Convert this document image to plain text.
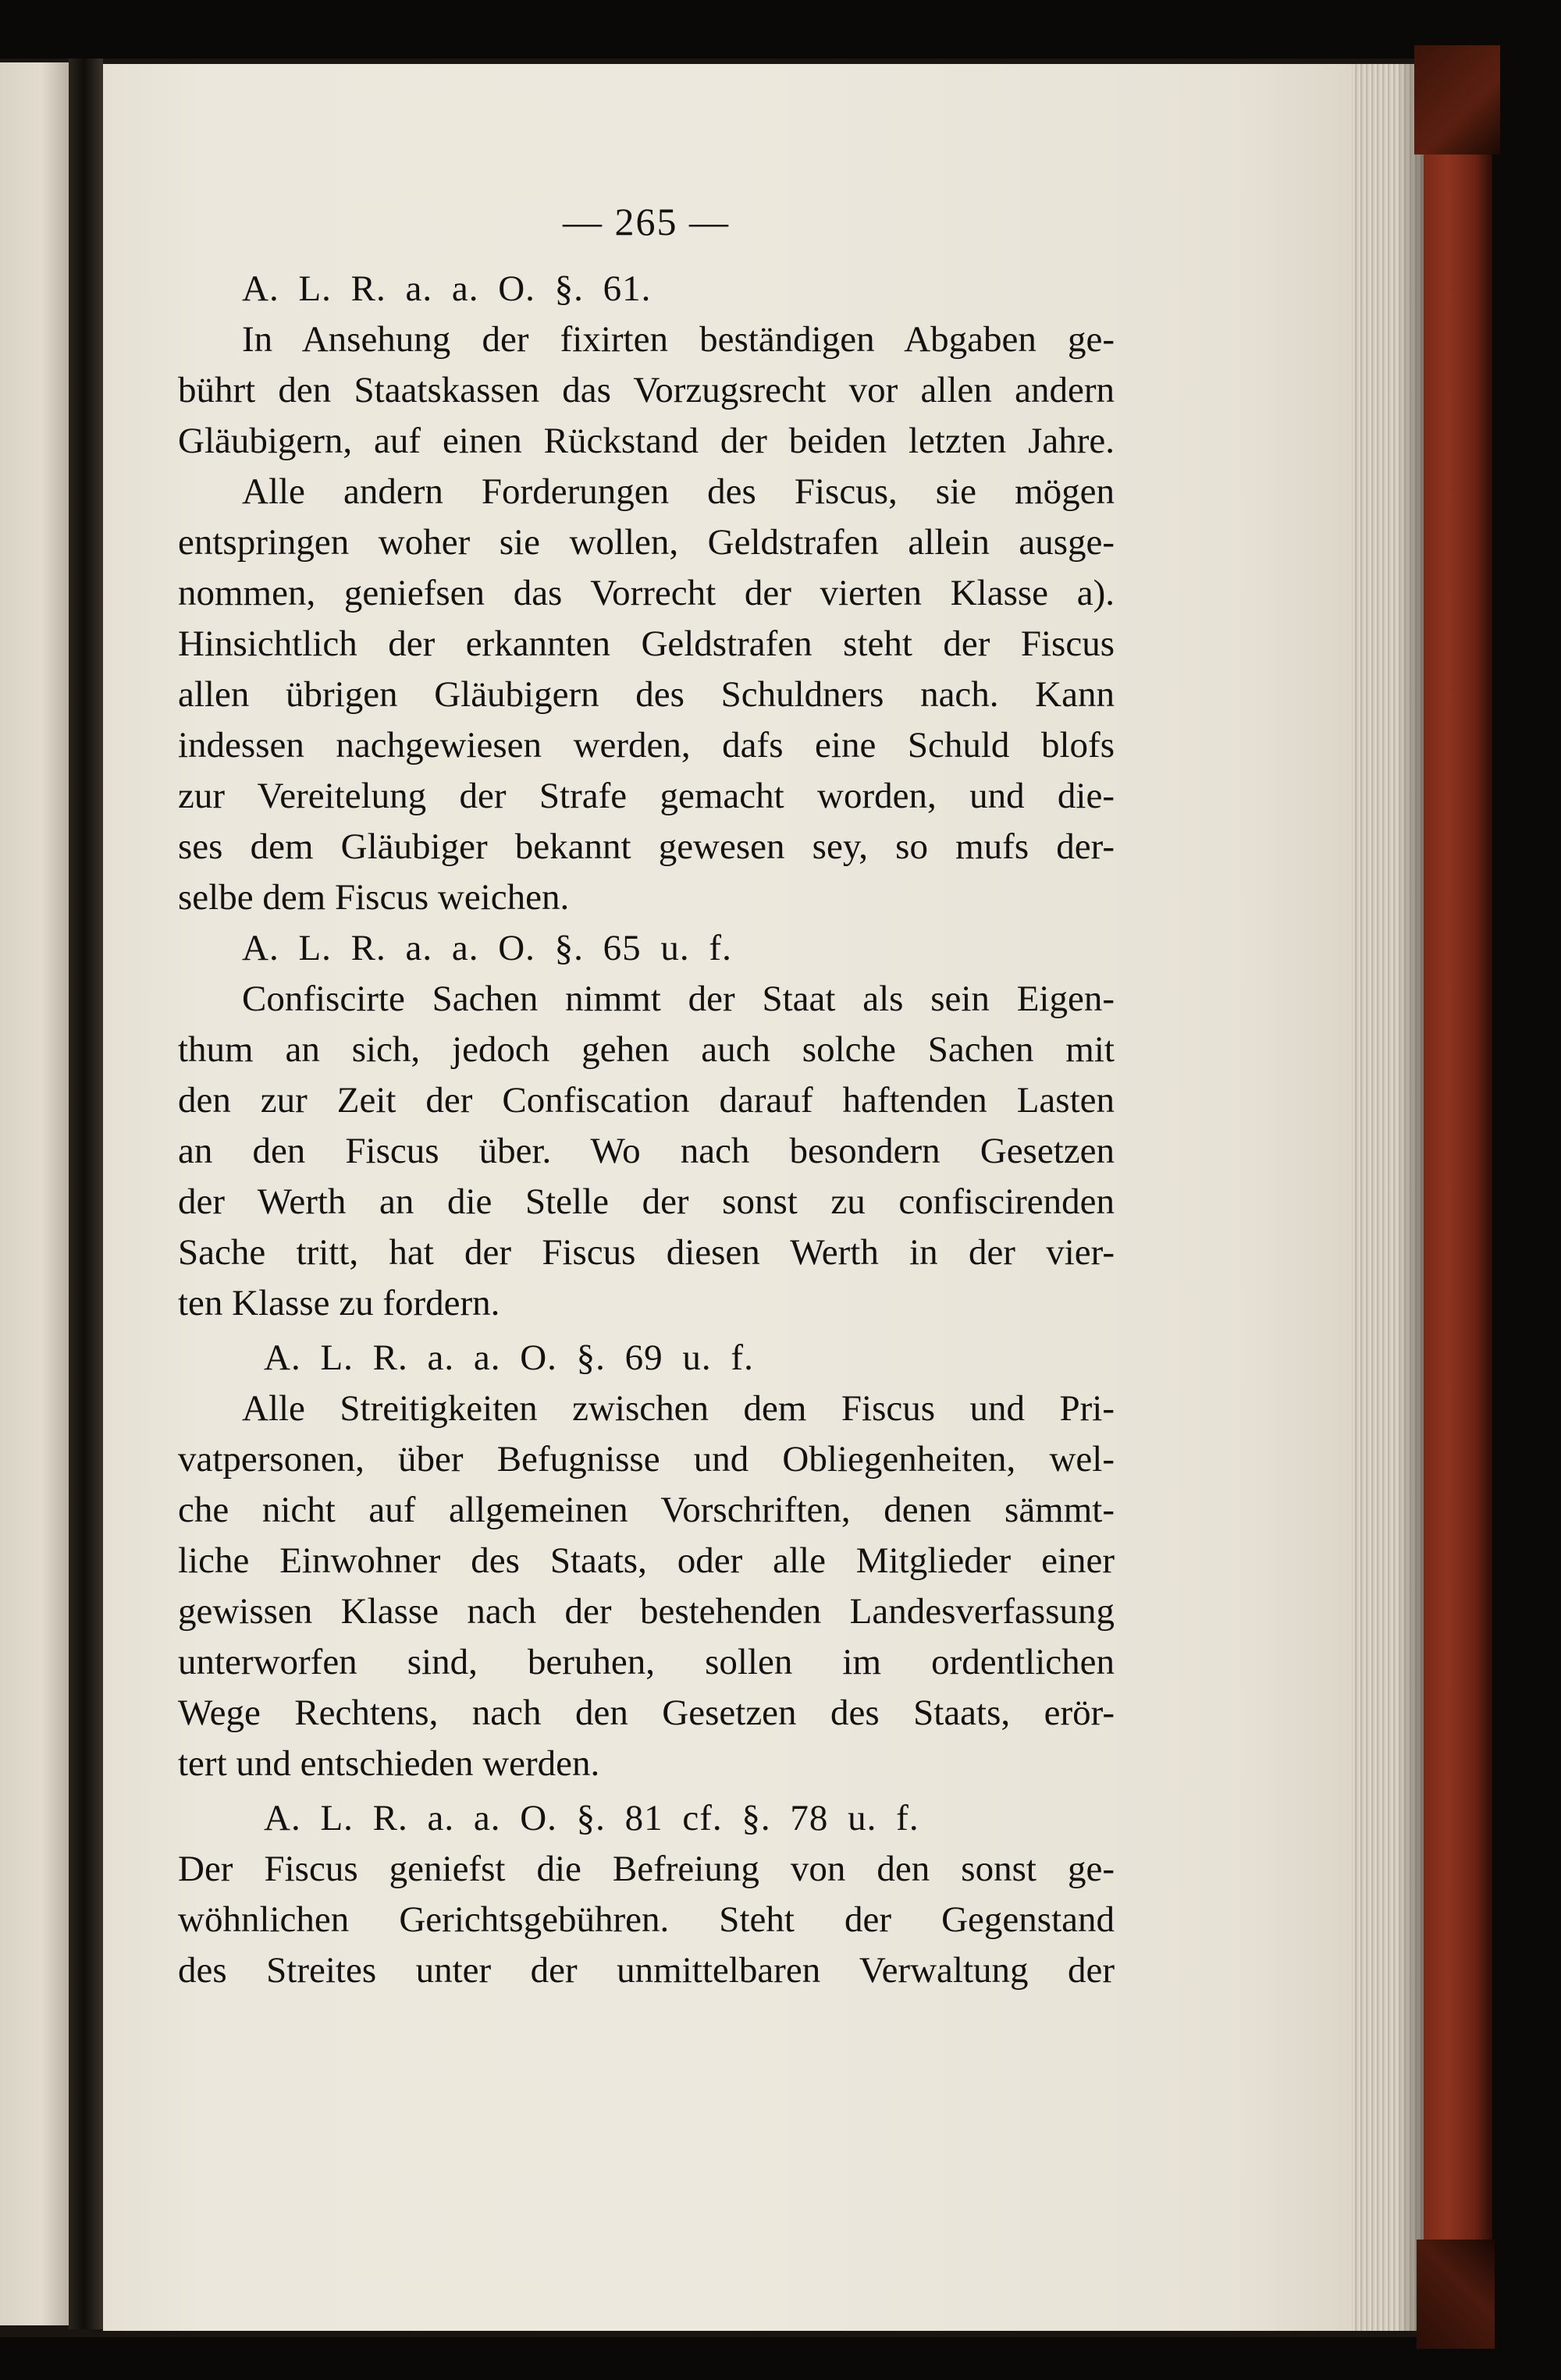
— 265 —
A. L. R. a. a. O. §. 61.
In Ansehung der fixirten beständigen Abgaben ge-
bührt den Staatskassen das Vorzugsrecht vor allen andern
Gläubigern, auf einen Rückstand der beiden letzten Jahre.
Alle andern Forderungen des Fiscus, sie mögen
entspringen woher sie wollen, Geldstrafen allein ausge-
nommen, geniefsen das Vorrecht der vierten Klasse a).
Hinsichtlich der erkannten Geldstrafen steht der Fiscus
allen übrigen Gläubigern des Schuldners nach. Kann
indessen nachgewiesen werden, dafs eine Schuld blofs
zur Vereitelung der Strafe gemacht worden, und die-
ses dem Gläubiger bekannt gewesen sey, so mufs der-
selbe dem Fiscus weichen.
A. L. R. a. a. O. §. 65 u. f.
Confiscirte Sachen nimmt der Staat als sein Eigen-
thum an sich, jedoch gehen auch solche Sachen mit
den zur Zeit der Confiscation darauf haftenden Lasten
an den Fiscus über. Wo nach besondern Gesetzen
der Werth an die Stelle der sonst zu confiscirenden
Sache tritt, hat der Fiscus diesen Werth in der vier-
ten Klasse zu fordern.
A. L. R. a. a. O. §. 69 u. f.
Alle Streitigkeiten zwischen dem Fiscus und Pri-
vatpersonen, über Befugnisse und Obliegenheiten, wel-
che nicht auf allgemeinen Vorschriften, denen sämmt-
liche Einwohner des Staats, oder alle Mitglieder einer
gewissen Klasse nach der bestehenden Landesverfassung
unterworfen sind, beruhen, sollen im ordentlichen
Wege Rechtens, nach den Gesetzen des Staats, erör-
tert und entschieden werden.
A. L. R. a. a. O. §. 81 cf. §. 78 u. f.
Der Fiscus geniefst die Befreiung von den sonst ge-
wöhnlichen Gerichtsgebühren. Steht der Gegenstand
des Streites unter der unmittelbaren Verwaltung der
